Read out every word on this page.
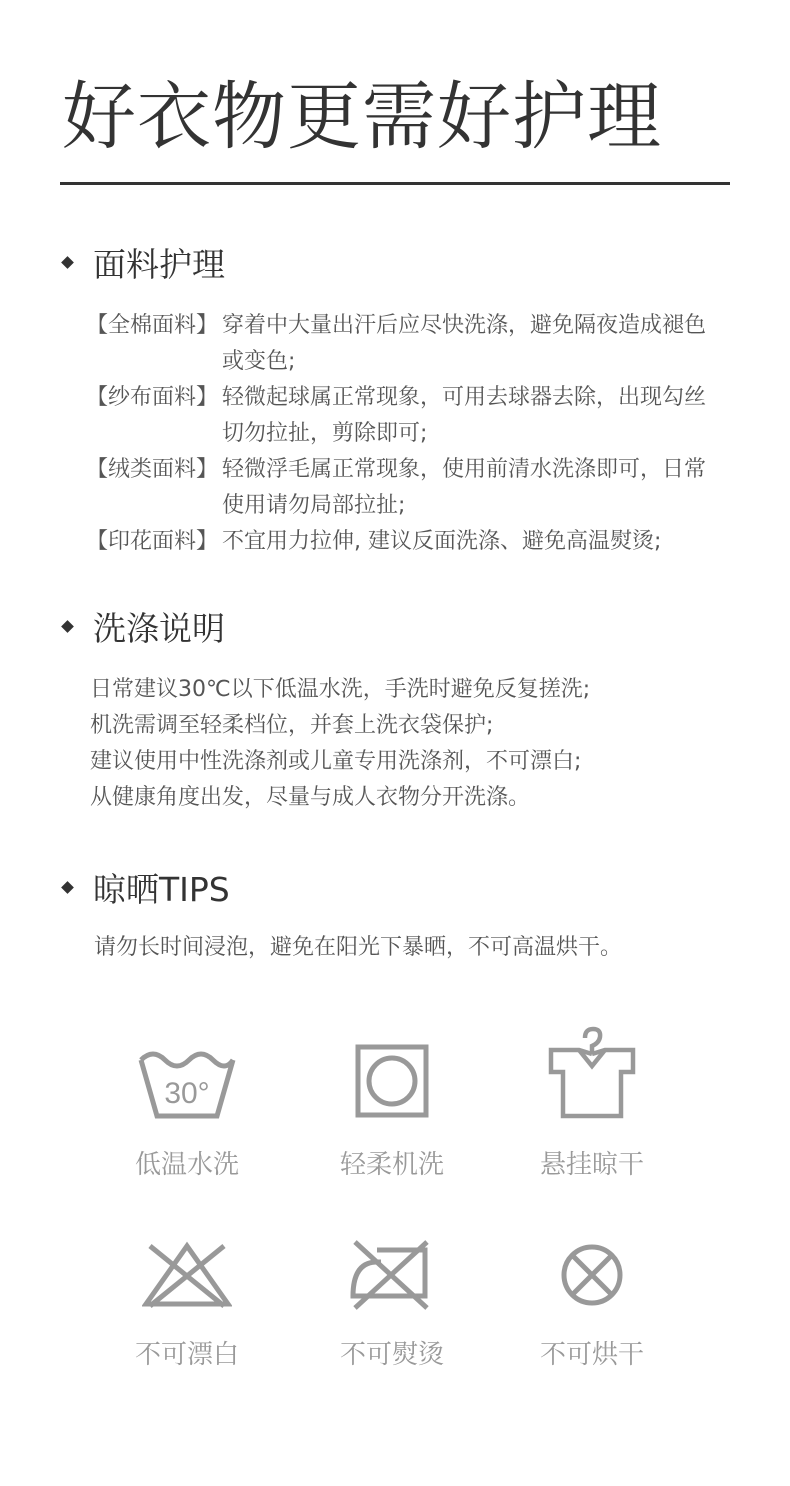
好衣物更需好护理
面料护理
【全棉面料】 穿着中大量出汗后应尽快洗涤，避免隔夜造成褪色或变色;
【纱布面料】 轻微起球属正常现象，可用去球器去除，出现勾丝切勿拉扯，剪除即可;
【绒类面料】 轻微浮毛属正常现象，使用前清水洗涤即可，日常使用请勿局部拉扯;
【印花面料】 不宜用力拉伸, 建议反面洗涤、避免高温熨烫;
洗涤说明
日常建议30℃以下低温水洗，手洗时避免反复搓洗;
机洗需调至轻柔档位，并套上洗衣袋保护;
建议使用中性洗涤剂或儿童专用洗涤剂，不可漂白;
从健康角度出发，尽量与成人衣物分开洗涤。
晾晒TIPS
请勿长时间浸泡，避免在阳光下暴晒，不可高温烘干。
30°
低温水洗	轻柔机洗	悬挂晾干
不可漂白	不可熨烫	不可烘干
